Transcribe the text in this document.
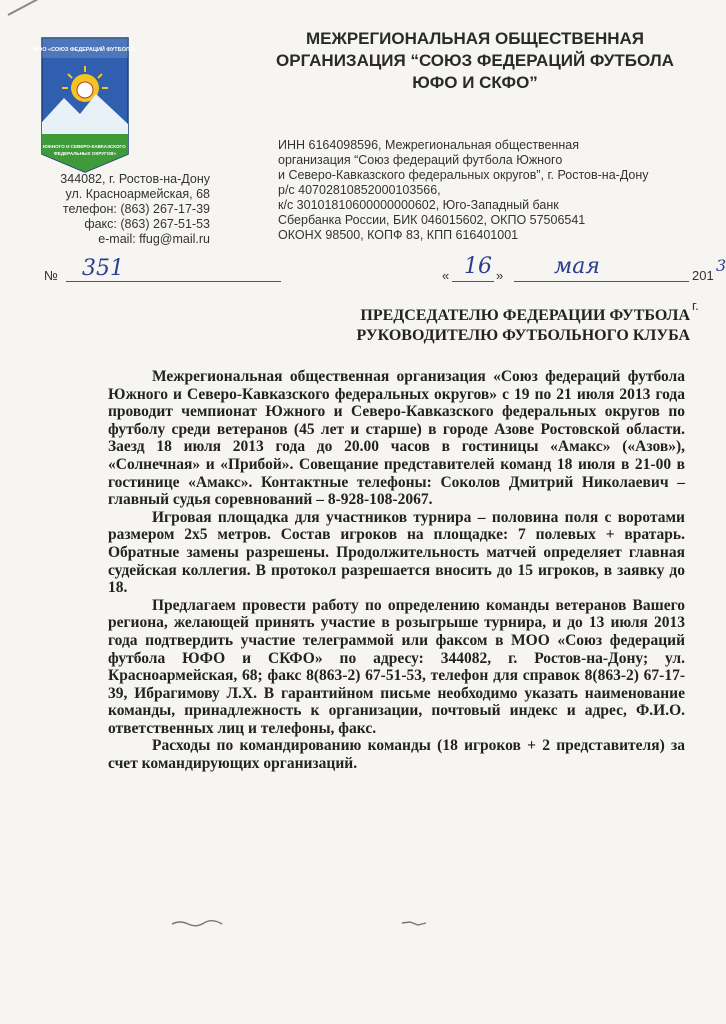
МОО «СОЮЗ ФЕДЕРАЦИЙ ФУТБОЛА»
ЮЖНОГО И СЕВЕРО-КАВКАЗСКОГО ФЕДЕРАЛЬНЫХ ОКРУГОВ»
МЕЖРЕГИОНАЛЬНАЯ ОБЩЕСТВЕННАЯ
ОРГАНИЗАЦИЯ “СОЮЗ ФЕДЕРАЦИЙ ФУТБОЛА
ЮФО И СКФО”
344082, г. Ростов-на-Дону
ул. Красноармейская, 68
телефон: (863) 267-17-39
факс: (863) 267-51-53
e-mail: ffug@mail.ru
ИНН 6164098596, Межрегиональная общественная
организация “Союз федераций футбола Южного
и Северо-Кавказского федеральных округов”, г. Ростов-на-Дону
р/с 40702810852000103566,
к/с 30101810600000000602, Юго-Западный банк
Сбербанка России, БИК 046015602, ОКПО 57506541
ОКОНХ 98500, КОПФ 83, КПП 616401001
№ 351	« 16 » мая	201г.
3
ПРЕДСЕДАТЕЛЮ ФЕДЕРАЦИИ ФУТБОЛА
РУКОВОДИТЕЛЮ ФУТБОЛЬНОГО КЛУБА

Межрегиональная общественная организация «Союз федераций футбола Южного и Северо-Кавказского федеральных округов» с 19 по 21 июля 2013 года проводит чемпионат Южного и Северо-Кавказского федеральных округов по футболу среди ветеранов (45 лет и старше) в городе Азове Ростовской области. Заезд 18 июля 2013 года до 20.00 часов в гостиницы «Амакс» («Азов»), «Солнечная» и «Прибой». Совещание представителей команд 18 июля в 21-00 в гостинице «Амакс». Контактные телефоны: Соколов Дмитрий Николаевич – главный судья соревнований – 8-928-108-2067.

Игровая площадка для участников турнира – половина поля с воротами размером 2х5 метров. Состав игроков на площадке: 7 полевых + вратарь. Обратные замены разрешены. Продолжительность матчей определяет главная судейская коллегия. В протокол разрешается вносить до 15 игроков, в заявку до 18.

Предлагаем провести работу по определению команды ветеранов Вашего региона, желающей принять участие в розыгрыше турнира, и до 13 июля 2013 года подтвердить участие телеграммой или факсом в МОО «Союз федераций футбола ЮФО и СКФО» по адресу: 344082, г. Ростов-на-Дону; ул. Красноармейская, 68; факс 8(863-2) 67-51-53, телефон для справок 8(863-2) 67-17-39, Ибрагимову Л.Х. В гарантийном письме необходимо указать наименование команды, принадлежность к организации, почтовый индекс и адрес, Ф.И.О. ответственных лиц и телефоны, факс.

Расходы по командированию команды (18 игроков + 2 представителя) за счет командирующих организаций.
